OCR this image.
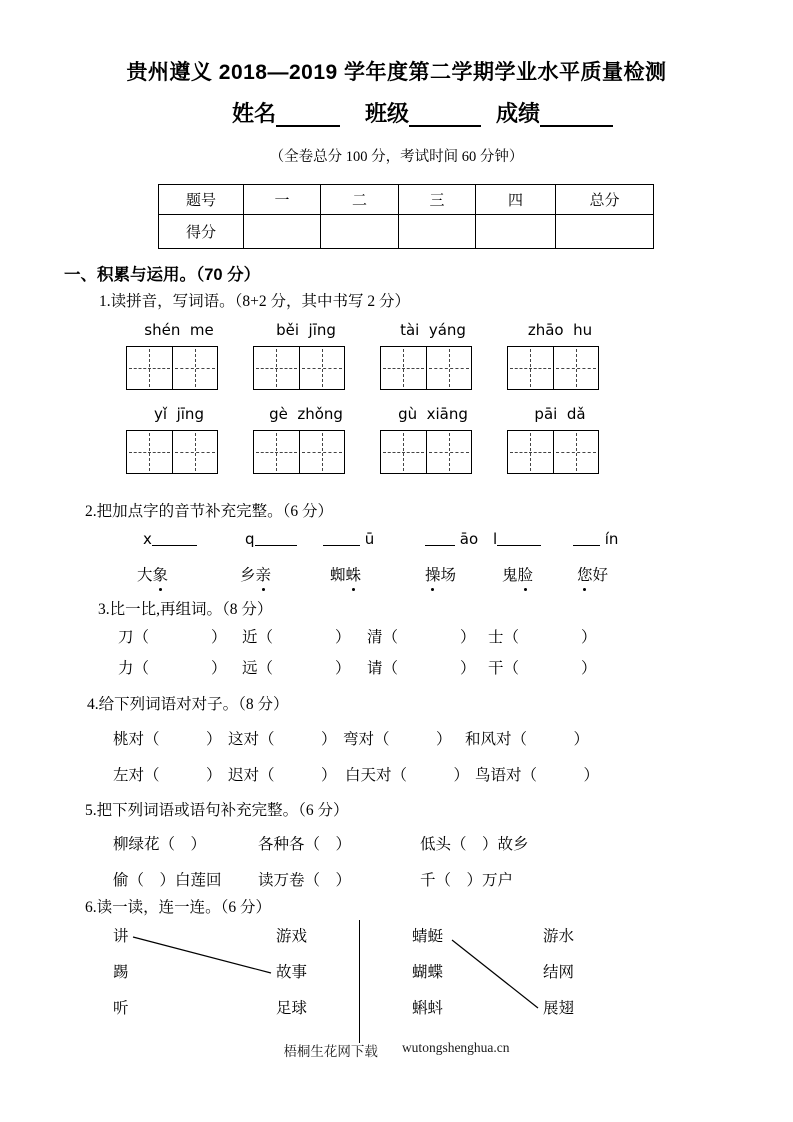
贵州遵义 2018—2019 学年度第二学期学业水平质量检测
姓名	班级	成绩
（全卷总分 100 分，考试时间 60 分钟）
题号	一	二	三	四	总分
得分					
一、积累与运用。（70 分）
1.读拼音，写词语。（8+2 分，其中书写 2 分）
shén  me	běi  jīng	tài  yáng	zhāo  hu
yǐ  jīng	gè  zhǒng	gù  xiāng	pāi  dǎ
2.把加点字的音节补充完整。（6 分）
x	q	ū	āo l	ín
大象	乡亲	蜘蛛	操场	鬼脸	您好
3.比一比,再组词。（8 分）
刀（　　　　） 近（　　　　） 清（　　　　） 士（　　　　）
力（　　　　） 远（　　　　） 请（　　　　） 干（　　　　）
4.给下列词语对对子。（8 分）
桃对（　　　） 这对（　　　） 弯对（　　　） 和风对（　　　）
左对（　　　） 迟对（　　　） 白天对（　　　） 鸟语对（　　　）
5.把下列词语或语句补充完整。（6 分）
柳绿花（　）	各种各（　）	低头（　）故乡
偷（　）白莲回 读万卷（　）	千（　）万户
6.读一读，连一连。（6 分）
讲
踢
听
游戏
故事
足球
蜻蜓
蝴蝶
蝌蚪
游水
结网
展翅
梧桐生花网下载 wutongshenghua.cn
